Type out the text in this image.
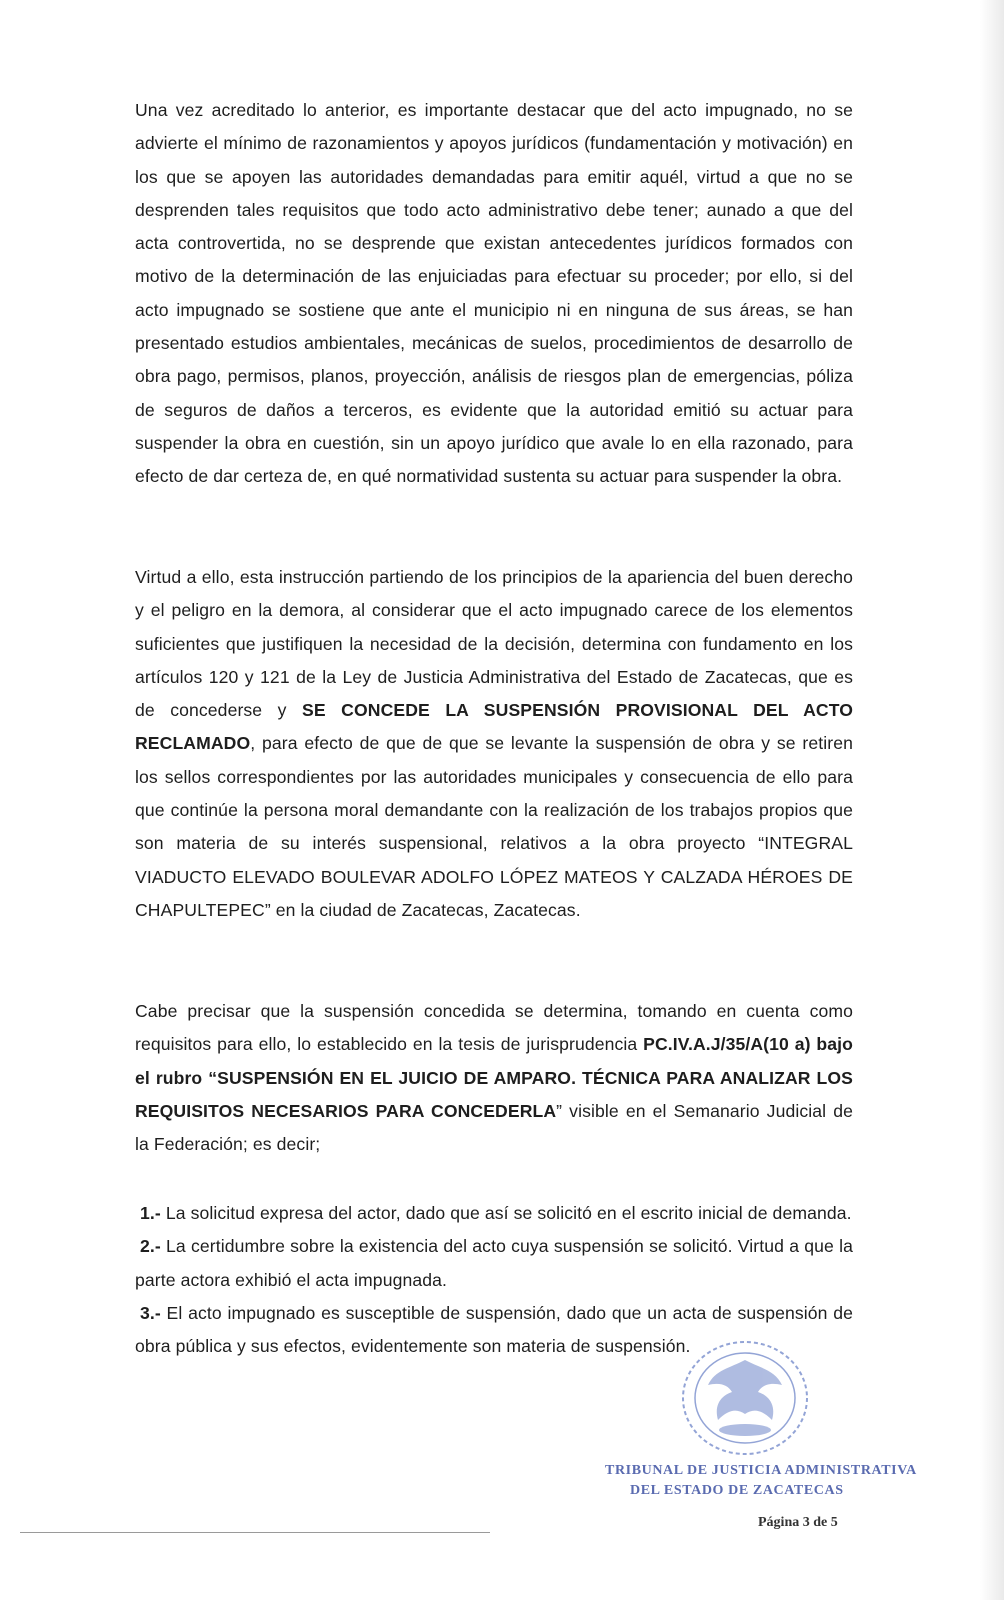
Una vez acreditado lo anterior, es importante destacar que del acto impugnado, no se advierte el mínimo de razonamientos y apoyos jurídicos (fundamentación y motivación) en los que se apoyen las autoridades demandadas para emitir aquél, virtud a que no se desprenden tales requisitos que todo acto administrativo debe tener; aunado a que del acta controvertida, no se desprende que existan antecedentes jurídicos formados con motivo de la determinación de las enjuiciadas para efectuar su proceder; por ello, si del acto impugnado se sostiene que ante el municipio ni en ninguna de sus áreas, se han presentado estudios ambientales, mecánicas de suelos, procedimientos de desarrollo de obra pago, permisos, planos, proyección, análisis de riesgos plan de emergencias, póliza de seguros de daños a terceros, es evidente que la autoridad emitió su actuar para suspender la obra en cuestión, sin un apoyo jurídico que avale lo en ella razonado, para efecto de dar certeza de, en qué normatividad sustenta su actuar para suspender la obra.

Virtud a ello, esta instrucción partiendo de los principios de la apariencia del buen derecho y el peligro en la demora, al considerar que el acto impugnado carece de los elementos suficientes que justifiquen la necesidad de la decisión, determina con fundamento en los artículos 120 y 121 de la Ley de Justicia Administrativa del Estado de Zacatecas, que es de concederse y SE CONCEDE LA SUSPENSIÓN PROVISIONAL DEL ACTO RECLAMADO, para efecto de que de que se levante la suspensión de obra y se retiren los sellos correspondientes por las autoridades municipales y consecuencia de ello para que continúe la persona moral demandante con la realización de los trabajos propios que son materia de su interés suspensional, relativos a la obra proyecto “INTEGRAL VIADUCTO ELEVADO BOULEVAR ADOLFO LÓPEZ MATEOS Y CALZADA HÉROES DE CHAPULTEPEC” en la ciudad de Zacatecas, Zacatecas.

Cabe precisar que la suspensión concedida se determina, tomando en cuenta como requisitos para ello, lo establecido en la tesis de jurisprudencia PC.IV.A.J/35/A(10 a) bajo el rubro “SUSPENSIÓN EN EL JUICIO DE AMPARO. TÉCNICA PARA ANALIZAR LOS REQUISITOS NECESARIOS PARA CONCEDERLA” visible en el Semanario Judicial de la Federación; es decir;

1.- La solicitud expresa del actor, dado que así se solicitó en el escrito inicial de demanda.

2.- La certidumbre sobre la existencia del acto cuya suspensión se solicitó. Virtud a que la parte actora exhibió el acta impugnada.

3.- El acto impugnado es susceptible de suspensión, dado que un acta de suspensión de obra pública y sus efectos, evidentemente son materia de suspensión.

TRIBUNAL DE JUSTICIA ADMINISTRATIVA
DEL ESTADO DE ZACATECAS
Página 3 de 5
